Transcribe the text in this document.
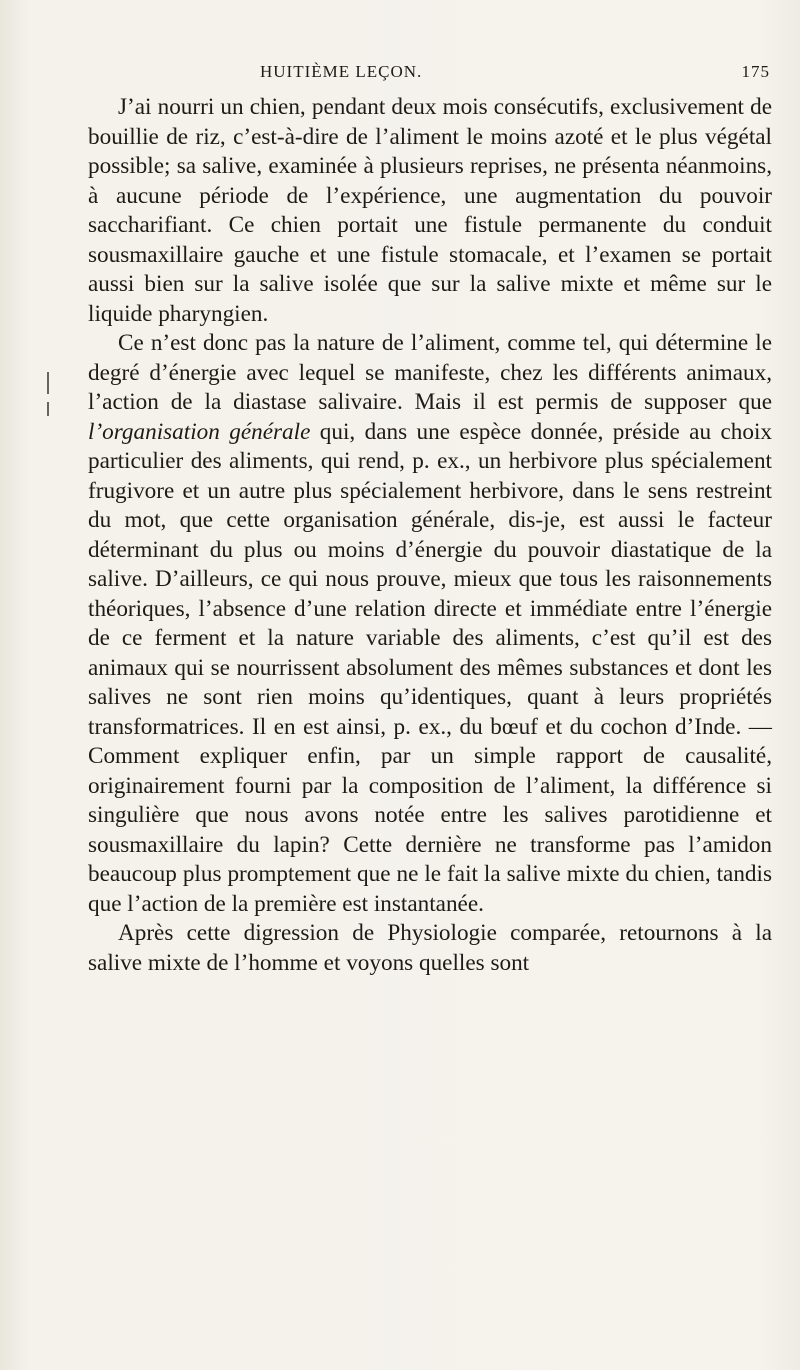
HUITIÈME LEÇON.	175

J’ai nourri un chien, pendant deux mois consécutifs, exclusivement de bouillie de riz, c’est-à-dire de l’aliment le moins azoté et le plus végétal possible; sa salive, examinée à plusieurs reprises, ne présenta néanmoins, à aucune période de l’expérience, une augmentation du pouvoir saccharifiant. Ce chien portait une fistule permanente du conduit sousmaxillaire gauche et une fistule stomacale, et l’examen se portait aussi bien sur la salive isolée que sur la salive mixte et même sur le liquide pharyngien.

Ce n’est donc pas la nature de l’aliment, comme tel, qui détermine le degré d’énergie avec lequel se manifeste, chez les différents animaux, l’action de la diastase salivaire. Mais il est permis de supposer que l’organisation générale qui, dans une espèce donnée, préside au choix particulier des aliments, qui rend, p. ex., un herbivore plus spécialement frugivore et un autre plus spécialement herbivore, dans le sens restreint du mot, que cette organisation générale, dis-je, est aussi le facteur déterminant du plus ou moins d’énergie du pouvoir diastatique de la salive. D’ailleurs, ce qui nous prouve, mieux que tous les raisonnements théoriques, l’absence d’une relation directe et immédiate entre l’énergie de ce ferment et la nature variable des aliments, c’est qu’il est des animaux qui se nourrissent absolument des mêmes substances et dont les salives ne sont rien moins qu’identiques, quant à leurs propriétés transformatrices. Il en est ainsi, p. ex., du bœuf et du cochon d’Inde. — Comment expliquer enfin, par un simple rapport de causalité, originairement fourni par la composition de l’aliment, la différence si singulière que nous avons notée entre les salives parotidienne et sousmaxillaire du lapin? Cette dernière ne transforme pas l’amidon beaucoup plus promptement que ne le fait la salive mixte du chien, tandis que l’action de la première est instantanée.

Après cette digression de Physiologie comparée, retournons à la salive mixte de l’homme et voyons quelles sont
